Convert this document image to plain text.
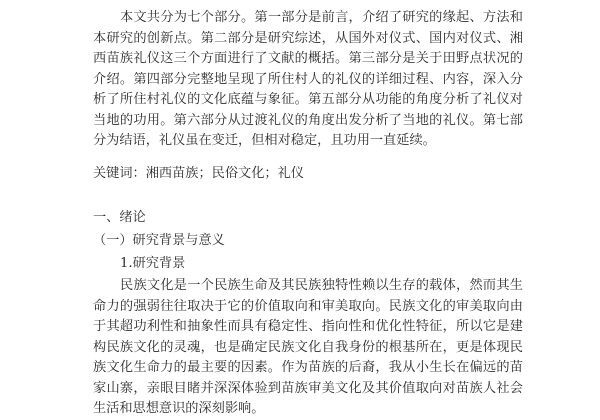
本文共分为七个部分。第一部分是前言，介绍了研究的缘起、方法和本研究的创新点。第二部分是研究综述，从国外对仪式、国内对仪式、湘西苗族礼仪这三个方面进行了文献的概括。第三部分是关于田野点状况的介绍。第四部分完整地呈现了所住村人的礼仪的详细过程、内容，深入分析了所住村礼仪的文化底蕴与象征。第五部分从功能的角度分析了礼仪对当地的功用。第六部分从过渡礼仪的角度出发分析了当地的礼仪。第七部分为结语，礼仪虽在变迁，但相对稳定，且功用一直延续。

关键词：湘西苗族；民俗文化；礼仪

一、绪论

（一）研究背景与意义

1.研究背景

民族文化是一个民族生命及其民族独特性赖以生存的载体，然而其生命力的强弱往往取决于它的价值取向和审美取向。民族文化的审美取向由于其超功利性和抽象性而具有稳定性、指向性和优化性特征，所以它是建构民族文化的灵魂，也是确定民族文化自我身份的根基所在，更是体现民族文化生命力的最主要的因素。作为苗族的后裔，我从小生长在偏远的苗家山寨，亲眼目睹并深深体验到苗族审美文化及其价值取向对苗族人社会生活和思想意识的深刻影响。
